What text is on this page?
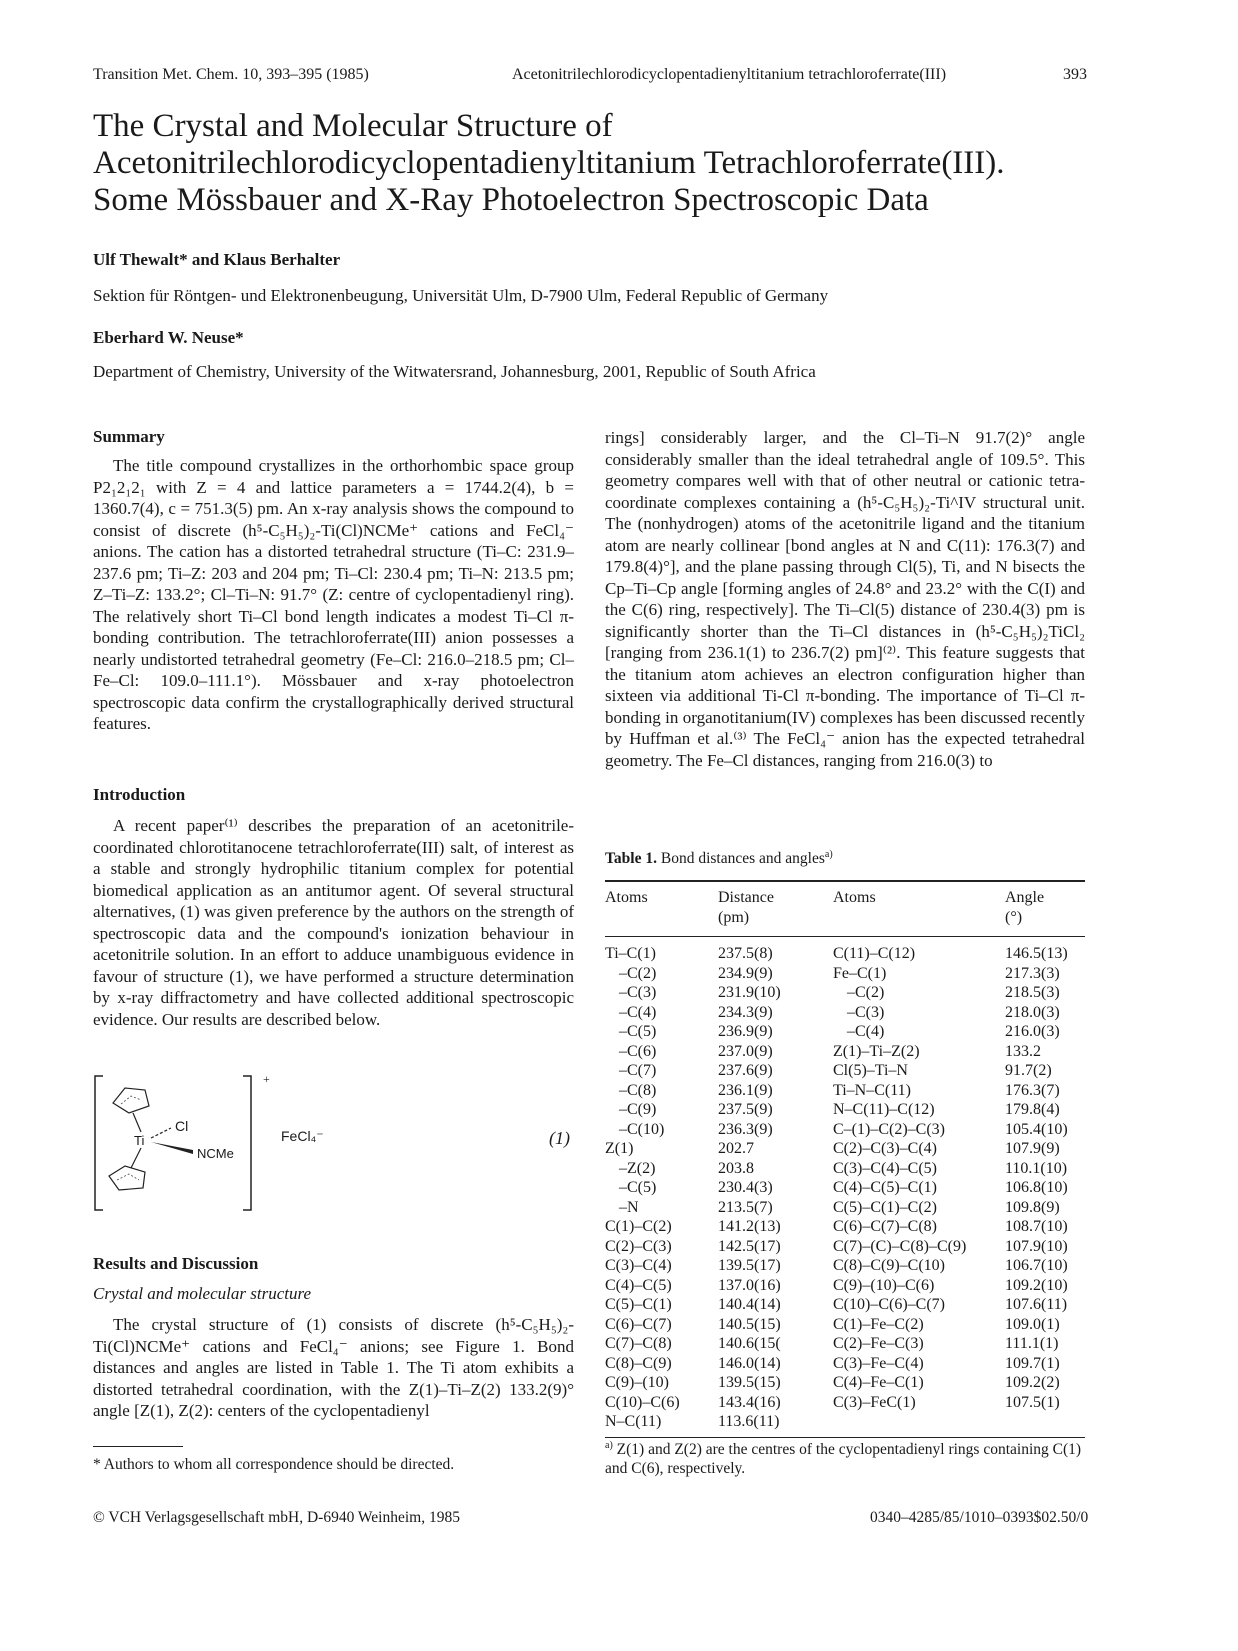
Transition Met. Chem. 10, 393–395 (1985)	Acetonitrilechlorodicyclopentadienyltitanium tetrachloroferrate(III)	393
The Crystal and Molecular Structure of
Acetonitrilechlorodicyclopentadienyltitanium Tetrachloroferrate(III).
Some Mössbauer and X-Ray Photoelectron Spectroscopic Data
Ulf Thewalt* and Klaus Berhalter
Sektion für Röntgen- und Elektronenbeugung, Universität Ulm, D-7900 Ulm, Federal Republic of Germany
Eberhard W. Neuse*
Department of Chemistry, University of the Witwatersrand, Johannesburg, 2001, Republic of South Africa
Summary

The title compound crystallizes in the orthorhombic space group P2₁2₁2₁ with Z = 4 and lattice parameters a = 1744.2(4), b = 1360.7(4), c = 751.3(5) pm. An x-ray analysis shows the compound to consist of discrete (h⁵-C₅H₅)₂-Ti(Cl)NCMe⁺ cations and FeCl₄⁻ anions. The cation has a distorted tetrahedral structure (Ti–C: 231.9–237.6 pm; Ti–Z: 203 and 204 pm; Ti–Cl: 230.4 pm; Ti–N: 213.5 pm; Z–Ti–Z: 133.2°; Cl–Ti–N: 91.7° (Z: centre of cyclopentadienyl ring). The relatively short Ti–Cl bond length indicates a modest Ti–Cl π-bonding contribution. The tetrachloroferrate(III) anion possesses a nearly undistorted tetrahedral geometry (Fe–Cl: 216.0–218.5 pm; Cl–Fe–Cl: 109.0–111.1°). Mössbauer and x-ray photoelectron spectroscopic data confirm the crystallographically derived structural features.

Introduction

A recent paper⁽¹⁾ describes the preparation of an acetonitrile-coordinated chlorotitanocene tetrachloroferrate(III) salt, of interest as a stable and strongly hydrophilic titanium complex for potential biomedical application as an antitumor agent. Of several structural alternatives, (1) was given preference by the authors on the strength of spectroscopic data and the compound's ionization behaviour in acetonitrile solution. In an effort to adduce unambiguous evidence in favour of structure (1), we have performed a structure determination by x-ray diffractometry and have collected additional spectroscopic evidence. Our results are described below.

+
Ti
Cl
NCMe
FeCl₄⁻	(1)
Results and Discussion
Crystal and molecular structure

The crystal structure of (1) consists of discrete (h⁵-C₅H₅)₂-Ti(Cl)NCMe⁺ cations and FeCl₄⁻ anions; see Figure 1. Bond distances and angles are listed in Table 1. The Ti atom exhibits a distorted tetrahedral coordination, with the Z(1)–Ti–Z(2) 133.2(9)° angle [Z(1), Z(2): centers of the cyclopentadienyl

rings] considerably larger, and the Cl–Ti–N 91.7(2)° angle considerably smaller than the ideal tetrahedral angle of 109.5°. This geometry compares well with that of other neutral or cationic tetra-coordinate complexes containing a (h⁵-C₅H₅)₂-Ti^IV structural unit. The (nonhydrogen) atoms of the acetonitrile ligand and the titanium atom are nearly collinear [bond angles at N and C(11): 176.3(7) and 179.8(4)°], and the plane passing through Cl(5), Ti, and N bisects the Cp–Ti–Cp angle [forming angles of 24.8° and 23.2° with the C(I) and the C(6) ring, respectively]. The Ti–Cl(5) distance of 230.4(3) pm is significantly shorter than the Ti–Cl distances in (h⁵-C₅H₅)₂TiCl₂ [ranging from 236.1(1) to 236.7(2) pm]⁽²⁾. This feature suggests that the titanium atom achieves an electron configuration higher than sixteen via additional Ti-Cl π-bonding. The importance of Ti–Cl π-bonding in organotitanium(IV) complexes has been discussed recently by Huffman et al.⁽³⁾ The FeCl₄⁻ anion has the expected tetrahedral geometry. The Fe–Cl distances, ranging from 216.0(3) to

Table 1. Bond distances and angles$^{a)}$
Atoms	Distance	Atoms	Angle
	(pm)		(°)
Ti–C(1)	237.5(8)	C(11)–C(12)	146.5(13)
–C(2)	234.9(9)	Fe–C(1)	217.3(3)
–C(3)	231.9(10)	–C(2)	218.5(3)
–C(4)	234.3(9)	–C(3)	218.0(3)
–C(5)	236.9(9)	–C(4)	216.0(3)
–C(6)	237.0(9)	Z(1)–Ti–Z(2)	133.2
–C(7)	237.6(9)	Cl(5)–Ti–N	91.7(2)
–C(8)	236.1(9)	Ti–N–C(11)	176.3(7)
–C(9)	237.5(9)	N–C(11)–C(12)	179.8(4)
–C(10)	236.3(9)	C–(1)–C(2)–C(3)	105.4(10)
Z(1)	202.7	C(2)–C(3)–C(4)	107.9(9)
–Z(2)	203.8	C(3)–C(4)–C(5)	110.1(10)
–C(5)	230.4(3)	C(4)–C(5)–C(1)	106.8(10)
–N	213.5(7)	C(5)–C(1)–C(2)	109.8(9)
C(1)–C(2)	141.2(13)	C(6)–C(7)–C(8)	108.7(10)
C(2)–C(3)	142.5(17)	C(7)–(C)–C(8)–C(9)	107.9(10)
C(3)–C(4)	139.5(17)	C(8)–C(9)–C(10)	106.7(10)
C(4)–C(5)	137.0(16)	C(9)–(10)–C(6)	109.2(10)
C(5)–C(1)	140.4(14)	C(10)–C(6)–C(7)	107.6(11)
C(6)–C(7)	140.5(15)	C(1)–Fe–C(2)	109.0(1)
C(7)–C(8)	140.6(15(	C(2)–Fe–C(3)	111.1(1)
C(8)–C(9)	146.0(14)	C(3)–Fe–C(4)	109.7(1)
C(9)–(10)	139.5(15)	C(4)–Fe–C(1)	109.2(2)
C(10)–C(6)	143.4(16)	C(3)–FeC(1)	107.5(1)
N–C(11)	113.6(11)		
$^{a)}$ Z(1) and Z(2) are the centres of the cyclopentadienyl rings containing C(1) and C(6), respectively.
* Authors to whom all correspondence should be directed.
© VCH Verlagsgesellschaft mbH, D-6940 Weinheim, 1985	0340–4285/85/1010–0393$02.50/0
